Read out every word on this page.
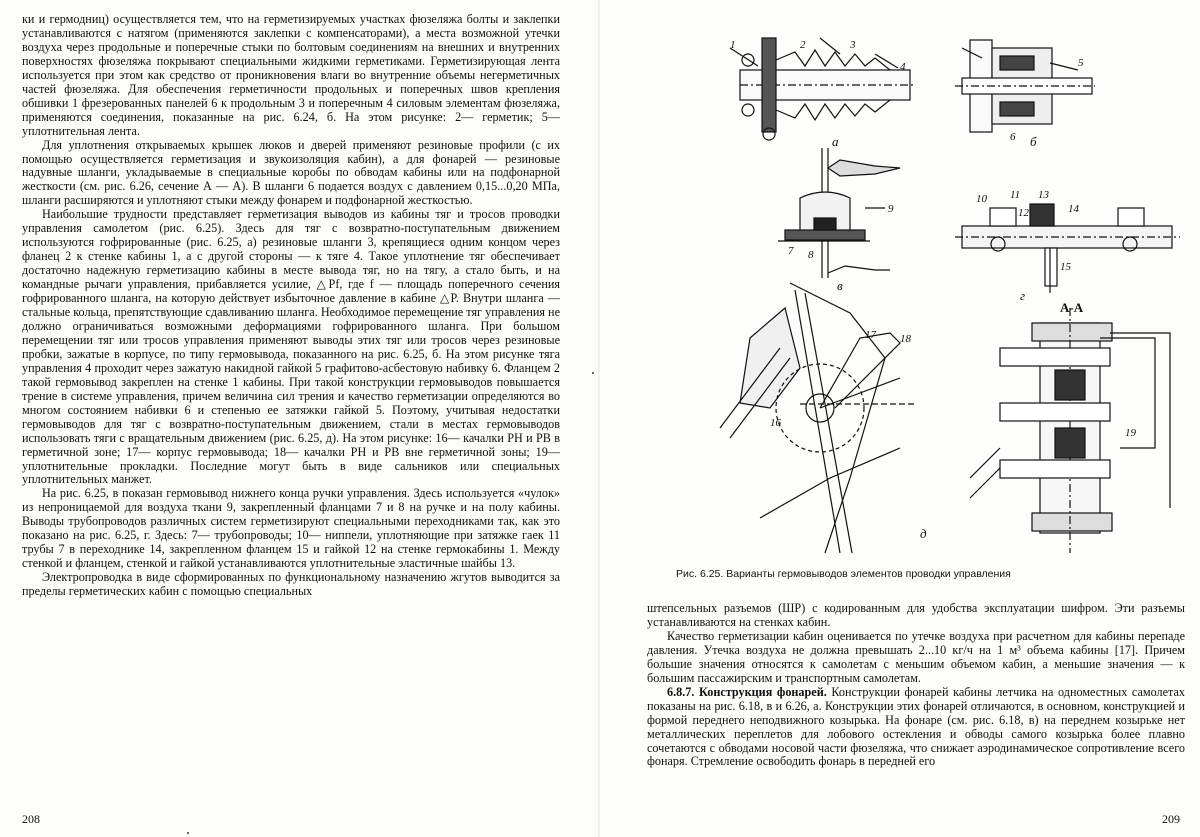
ки и гермодниц) осуществляется тем, что на герметизируемых участках фюзеляжа болты и заклепки устанавливаются с натягом (применяются заклепки с компенсаторами), а места возможной утечки воздуха через продольные и поперечные стыки по болтовым соединениям на внешних и внутренних поверхностях фюзеляжа покрывают специальными жидкими герметиками. Герметизирующая лента используется при этом как средство от проникновения влаги во внутренние объемы негерметичных частей фюзеляжа. Для обеспечения герметичности продольных и поперечных швов крепления обшивки 1 фрезерованных панелей 6 к продольным 3 и поперечным 4 силовым элементам фюзеляжа, применяются соединения, показанные на рис. 6.24, б. На этом рисунке: 2— герметик; 5— уплотнительная лента.

Для уплотнения открываемых крышек люков и дверей применяют резиновые профили (с их помощью осуществляется герметизация и звукоизоляция кабин), а для фонарей — резиновые надувные шланги, укладываемые в специальные коробы по обводам кабины или на подфонарной жесткости (см. рис. 6.26, сечение А — А). В шланги 6 подается воздух с давлением 0,15...0,20 МПа, шланги расширяются и уплотняют стыки между фонарем и подфонарной жесткостью.

Наибольшие трудности представляет герметизация выводов из кабины тяг и тросов проводки управления самолетом (рис. 6.25). Здесь для тяг с возвратно-поступательным движением используются гофрированные (рис. 6.25, а) резиновые шланги 3, крепящиеся одним концом через фланец 2 к стенке кабины 1, а с другой стороны — к тяге 4. Такое уплотнение тяг обеспечивает достаточно надежную герметизацию кабины в месте вывода тяг, но на тягу, а стало быть, и на командные рычаги управления, прибавляется усилие, △Pf, где f — площадь поперечного сечения гофрированного шланга, на которую действует избыточное давление в кабине △P. Внутри шланга — стальные кольца, препятствующие сдавливанию шланга. Необходимое перемещение тяг управления не должно ограничиваться возможными деформациями гофрированного шланга. При большом перемещении тяг или тросов управления применяют выводы этих тяг или тросов через резиновые пробки, зажатые в корпусе, по типу гермовывода, показанного на рис. 6.25, б. На этом рисунке тяга управления 4 проходит через зажатую накидной гайкой 5 графитово-асбестовую набивку 6. Фланцем 2 такой гермовывод закреплен на стенке 1 кабины. При такой конструкции гермовыводов повышается трение в системе управления, причем величина сил трения и качество герметизации определяются во многом состоянием набивки 6 и степенью ее затяжки гайкой 5. Поэтому, учитывая недостатки гермовыводов для тяг с возвратно-поступательным движением, стали в местах гермовыводов использовать тяги с вращательным движением (рис. 6.25, д). На этом рисунке: 16— качалки РН и РВ в герметичной зоне; 17— корпус гермовывода; 18— качалки РН и РВ вне герметичной зоны; 19— уплотнительные прокладки. Последние могут быть в виде сальников или специальных уплотнительных манжет.

На рис. 6.25, в показан гермовывод нижнего конца ручки управления. Здесь используется «чулок» из непроницаемой для воздуха ткани 9, закрепленный фланцами 7 и 8 на ручке и на полу кабины. Выводы трубопроводов различных систем герметизируют специальными переходниками так, как это показано на рис. 6.25, г. Здесь: 7— трубопроводы; 10— ниппели, уплотняющие при затяжке гаек 11 трубы 7 в переходнике 14, закрепленном фланцем 15 и гайкой 12 на стенке гермокабины 1. Между стенкой и фланцем, стенкой и гайкой устанавливаются уплотнительные эластичные шайбы 13.

Электропроводка в виде сформированных по функциональному назначению жгутов выводится за пределы герметических кабин с помощью специальных

208
а	б
в
г
д
А-А
1	2	3
4	5
6
7 8
9
10 11
12
13
14
15
16
17 18
19
Рис. 6.25. Варианты гермовыводов элементов проводки управления

штепсельных разъемов (ШР) с кодированным для удобства эксплуатации шифром. Эти разъемы устанавливаются на стенках кабин.

Качество герметизации кабин оценивается по утечке воздуха при расчетном для кабины перепаде давления. Утечка воздуха не должна превышать 2...10 кг/ч на 1 м³ объема кабины [17]. Причем большие значения относятся к самолетам с меньшим объемом кабин, а меньшие значения — к большим пассажирским и транспортным самолетам.

6.8.7. Конструкция фонарей. Конструкции фонарей кабины летчика на одноместных самолетах показаны на рис. 6.18, в и 6.26, а. Конструкции этих фонарей отличаются, в основном, конструкцией и формой переднего неподвижного козырька. На фонаре (см. рис. 6.18, в) на переднем козырьке нет металлических переплетов для лобового остекления и обводы самого козырька более плавно сочетаются с обводами носовой части фюзеляжа, что снижает аэродинамическое сопротивление всего фонаря. Стремление освободить фонарь в передней его

209
